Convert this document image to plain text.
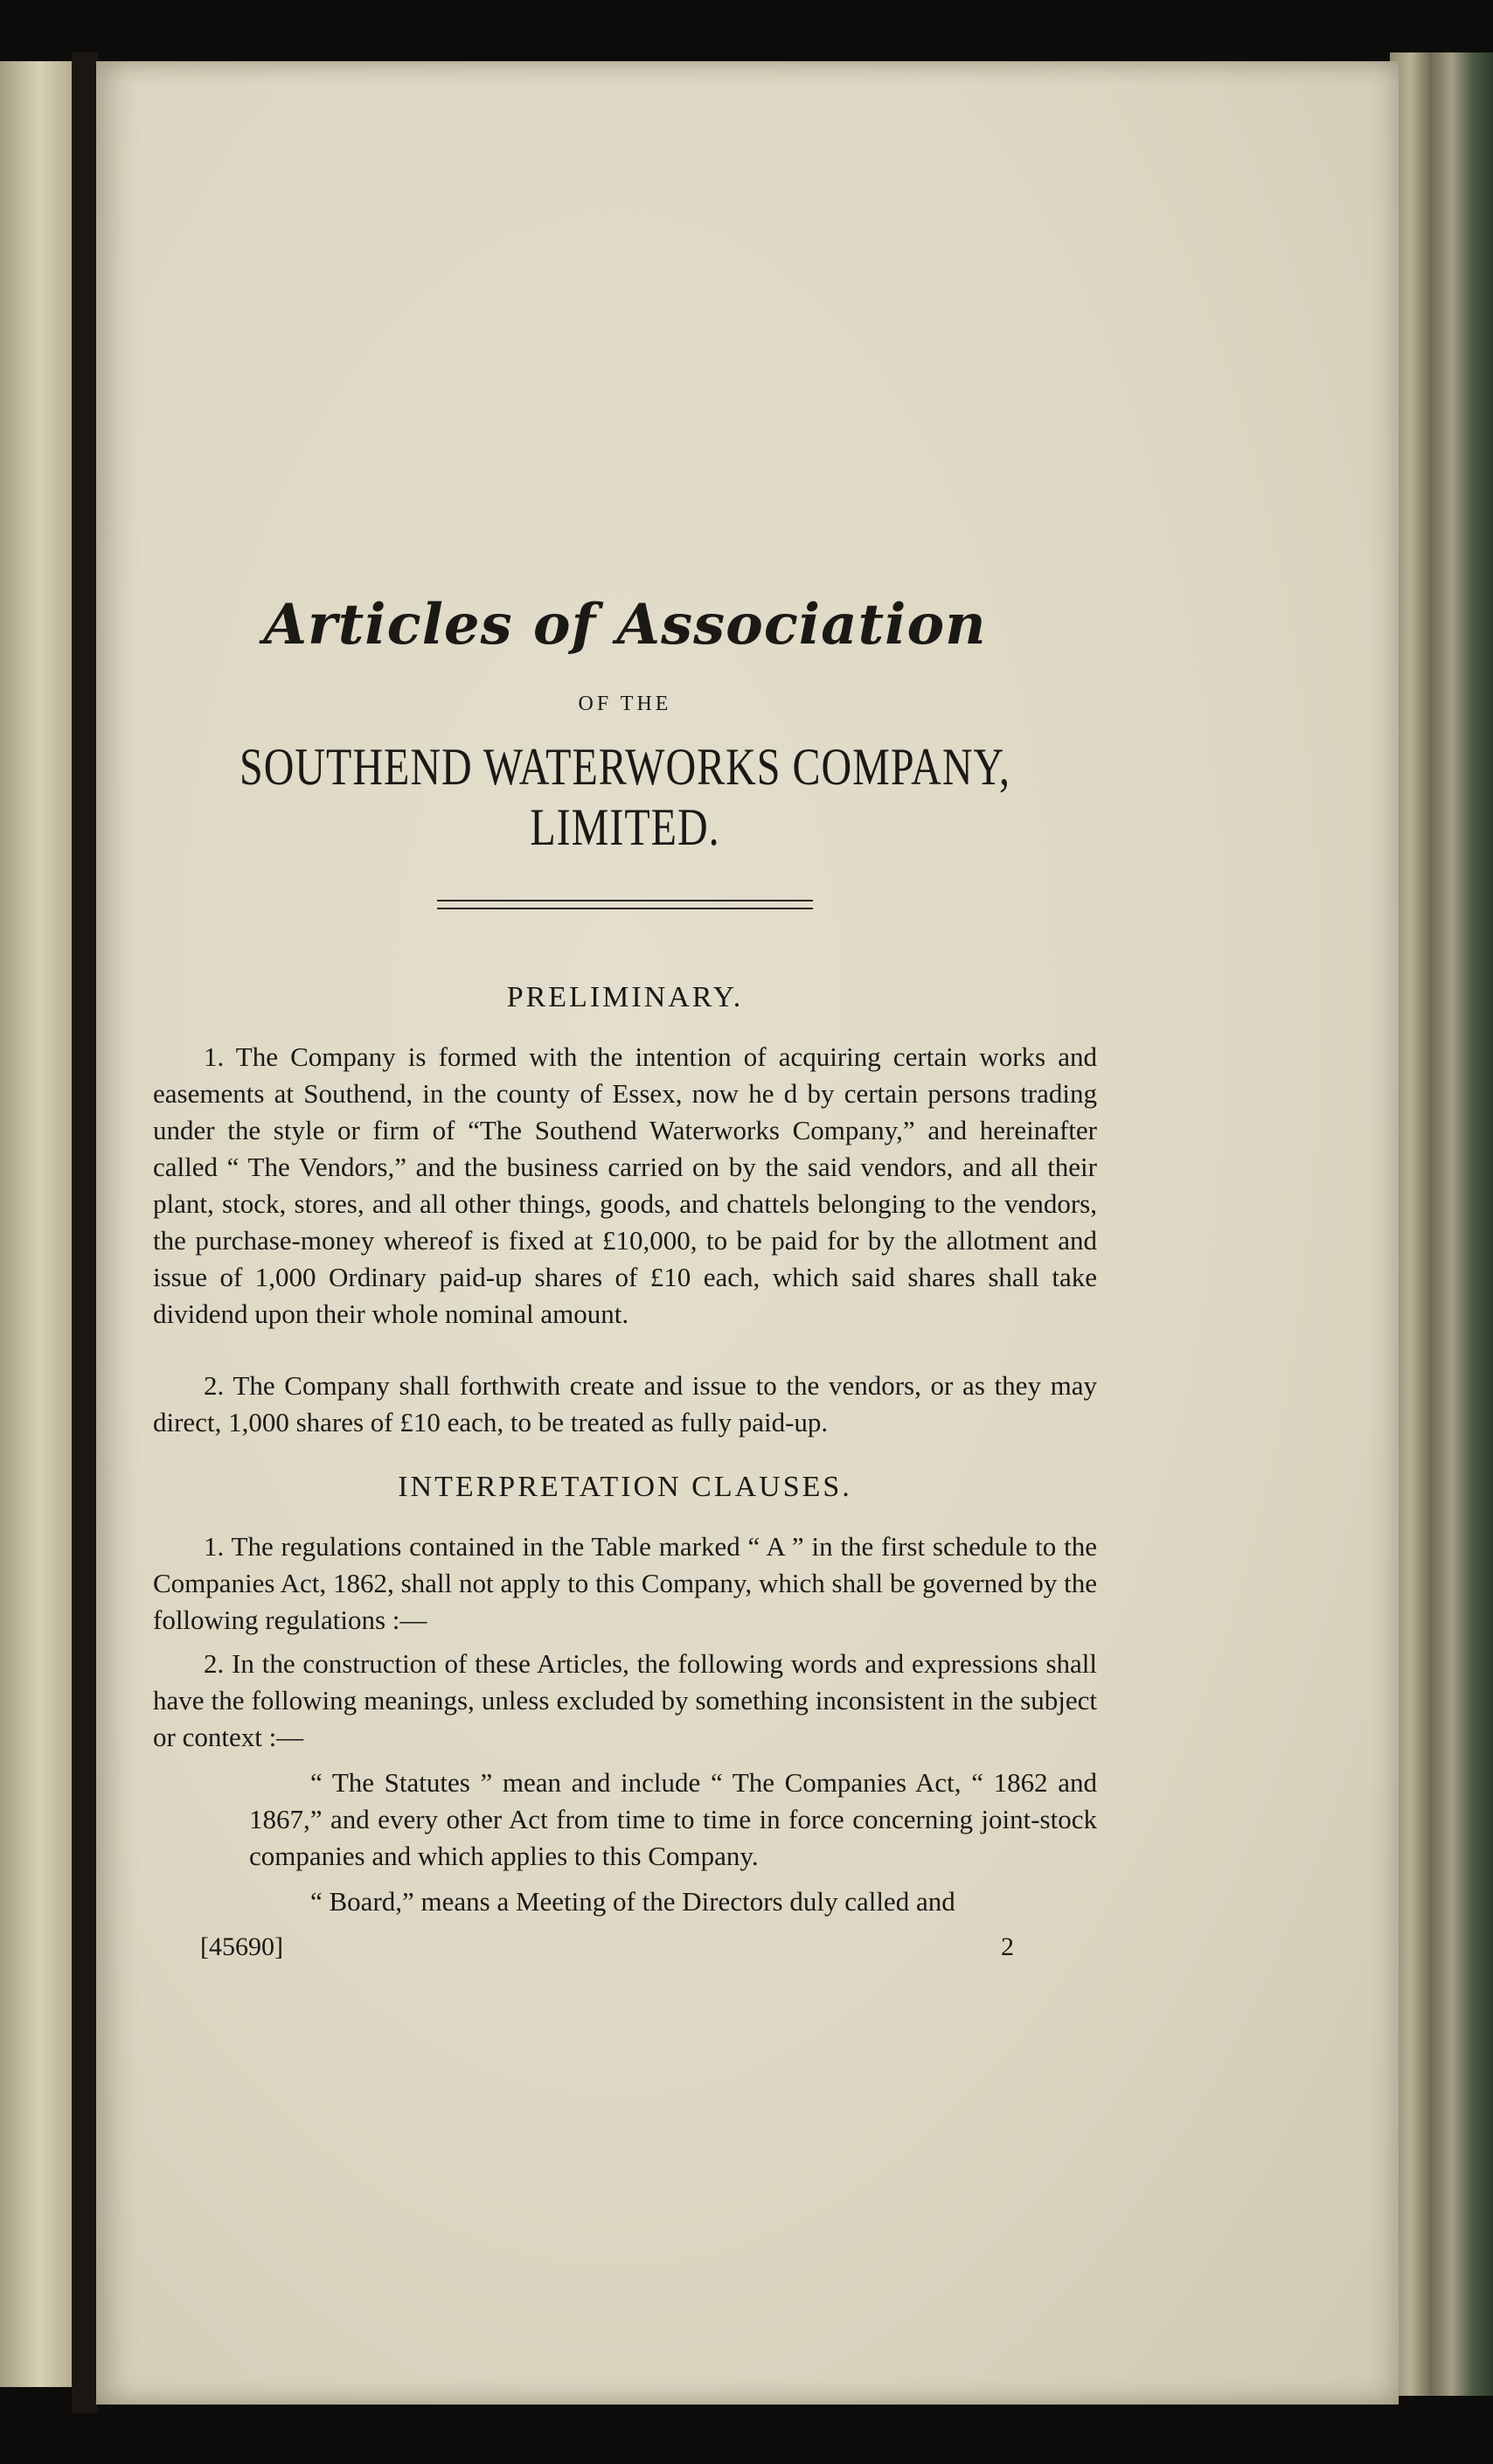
Articles of Association
OF THE
SOUTHEND WATERWORKS COMPANY, LIMITED.
PRELIMINARY.

1. The Company is formed with the intention of acquiring certain works and easements at Southend, in the county of Essex, now he d by certain persons trading under the style or firm of “The Southend Waterworks Company,” and hereinafter called “ The Vendors,” and the business carried on by the said vendors, and all their plant, stock, stores, and all other things, goods, and chattels belonging to the vendors, the purchase-money whereof is fixed at £10,000, to be paid for by the allotment and issue of 1,000 Ordinary paid-up shares of £10 each, which said shares shall take dividend upon their whole nominal amount.

2. The Company shall forthwith create and issue to the vendors, or as they may direct, 1,000 shares of £10 each, to be treated as fully paid-up.

INTERPRETATION CLAUSES.

1. The regulations contained in the Table marked “ A ” in the first schedule to the Companies Act, 1862, shall not apply to this Company, which shall be governed by the following regulations :—

2. In the construction of these Articles, the following words and expressions shall have the following meanings, unless excluded by something inconsistent in the subject or context :—

“ The Statutes ” mean and include “ The Companies Act, “ 1862 and 1867,” and every other Act from time to time in force concerning joint-stock companies and which applies to this Company.

“ Board,” means a Meeting of the Directors duly called and

[45690]	2
